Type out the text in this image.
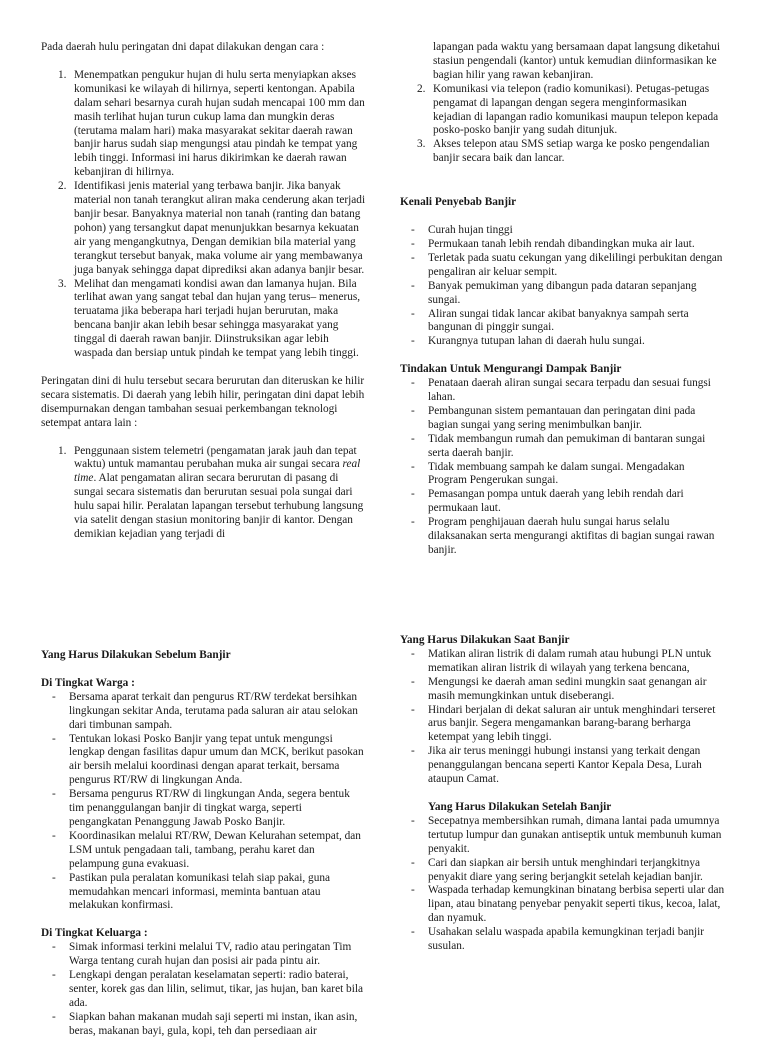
Pada daerah hulu peringatan dni dapat dilakukan dengan cara :

1. Menempatkan pengukur hujan di hulu serta menyiapkan akses komunikasi ke wilayah di hilirnya, seperti kentongan. Apabila dalam sehari besarnya curah hujan sudah mencapai 100 mm dan masih terlihat hujan turun cukup lama dan mungkin deras (terutama malam hari) maka masyarakat sekitar daerah rawan banjir harus sudah siap mengungsi atau pindah ke tempat yang lebih tinggi. Informasi ini harus dikirimkan ke daerah rawan kebanjiran di hilirnya.
2. Identifikasi jenis material yang terbawa banjir. Jika banyak material non tanah terangkut aliran maka cenderung akan terjadi banjir besar. Banyaknya material non tanah (ranting dan batang pohon) yang tersangkut dapat menunjukkan besarnya kekuatan air yang mengangkutnya, Dengan demikian bila material yang terangkut tersebut banyak, maka volume air yang membawanya juga banyak sehingga dapat diprediksi akan adanya banjir besar.
3. Melihat dan mengamati kondisi awan dan lamanya hujan. Bila terlihat awan yang sangat tebal dan hujan yang terus– menerus, teruatama jika beberapa hari terjadi hujan berurutan, maka bencana banjir akan lebih besar sehingga masyarakat yang tinggal di daerah rawan banjir. Diinstruksikan agar lebih waspada dan bersiap untuk pindah ke tempat yang lebih tinggi.

Peringatan dini di hulu tersebut secara berurutan dan diteruskan ke hilir secara sistematis. Di daerah yang lebih hilir, peringatan dini dapat lebih disempurnakan dengan tambahan sesuai perkembangan teknologi setempat antara lain :

1. Penggunaan sistem telemetri (pengamatan jarak jauh dan tepat waktu) untuk mamantau perubahan muka air sungai secara real time. Alat pengamatan aliran secara berurutan di pasang di sungai secara sistematis dan berurutan sesuai pola sungai dari hulu sapai hilir. Peralatan lapangan tersebut terhubung langsung via satelit dengan stasiun monitoring banjir di kantor. Dengan demikian kejadian yang terjadi di
lapangan pada waktu yang bersamaan dapat langsung diketahui stasiun pengendali (kantor) untuk kemudian diinformasikan ke bagian hilir yang rawan kebanjiran.
2. Komunikasi via telepon (radio komunikasi). Petugas-petugas pengamat di lapangan dengan segera menginformasikan kejadian di lapangan radio komunikasi maupun telepon kepada posko-posko banjir yang sudah ditunjuk.
3. Akses telepon atau SMS setiap warga ke posko pengendalian banjir secara baik dan lancar.

Kenali Penyebab Banjir

- Curah hujan tinggi
- Permukaan tanah lebih rendah dibandingkan muka air laut.
- Terletak pada suatu cekungan yang dikelilingi perbukitan dengan pengaliran air keluar sempit.
- Banyak pemukiman yang dibangun pada dataran sepanjang sungai.
- Aliran sungai tidak lancar akibat banyaknya sampah serta bangunan di pinggir sungai.
- Kurangnya tutupan lahan di daerah hulu sungai.

Tindakan Untuk Mengurangi Dampak Banjir

- Penataan daerah aliran sungai secara terpadu dan sesuai fungsi lahan.
- Pembangunan sistem pemantauan dan peringatan dini pada bagian sungai yang sering menimbulkan banjir.
- Tidak membangun rumah dan pemukiman di bantaran sungai serta daerah banjir.
- Tidak membuang sampah ke dalam sungai. Mengadakan Program Pengerukan sungai.
- Pemasangan pompa untuk daerah yang lebih rendah dari permukaan laut.
- Program penghijauan daerah hulu sungai harus selalu dilaksanakan serta mengurangi aktifitas di bagian sungai rawan banjir.

Yang Harus Dilakukan Sebelum Banjir

Di Tingkat Warga :

- Bersama aparat terkait dan pengurus RT/RW terdekat bersihkan lingkungan sekitar Anda, terutama pada saluran air atau selokan dari timbunan sampah.
- Tentukan lokasi Posko Banjir yang tepat untuk mengungsi lengkap dengan fasilitas dapur umum dan MCK, berikut pasokan air bersih melalui koordinasi dengan aparat terkait, bersama pengurus RT/RW di lingkungan Anda.
- Bersama pengurus RT/RW di lingkungan Anda, segera bentuk tim penanggulangan banjir di tingkat warga, seperti pengangkatan Penanggung Jawab Posko Banjir.
- Koordinasikan melalui RT/RW, Dewan Kelurahan setempat, dan LSM untuk pengadaan tali, tambang, perahu karet dan pelampung guna evakuasi.
- Pastikan pula peralatan komunikasi telah siap pakai, guna memudahkan mencari informasi, meminta bantuan atau melakukan konfirmasi.

Di Tingkat Keluarga :

- Simak informasi terkini melalui TV, radio atau peringatan Tim Warga tentang curah hujan dan posisi air pada pintu air.
- Lengkapi dengan peralatan keselamatan seperti: radio baterai, senter, korek gas dan lilin, selimut, tikar, jas hujan, ban karet bila ada.
- Siapkan bahan makanan mudah saji seperti mi instan, ikan asin, beras, makanan bayi, gula, kopi, teh dan persediaan air

Yang Harus Dilakukan Saat Banjir

- Matikan aliran listrik di dalam rumah atau hubungi PLN untuk mematikan aliran listrik di wilayah yang terkena bencana,
- Mengungsi ke daerah aman sedini mungkin saat genangan air masih memungkinkan untuk diseberangi.
- Hindari berjalan di dekat saluran air untuk menghindari terseret arus banjir. Segera mengamankan barang-barang berharga ketempat yang lebih tinggi.
- Jika air terus meninggi hubungi instansi yang terkait dengan penanggulangan bencana seperti Kantor Kepala Desa, Lurah ataupun Camat.

Yang Harus Dilakukan Setelah Banjir

- Secepatnya membersihkan rumah, dimana lantai pada umumnya tertutup lumpur dan gunakan antiseptik untuk membunuh kuman penyakit.
- Cari dan siapkan air bersih untuk menghindari terjangkitnya penyakit diare yang sering berjangkit setelah kejadian banjir.
- Waspada terhadap kemungkinan binatang berbisa seperti ular dan lipan, atau binatang penyebar penyakit seperti tikus, kecoa, lalat, dan nyamuk.
- Usahakan selalu waspada apabila kemungkinan terjadi banjir susulan.
